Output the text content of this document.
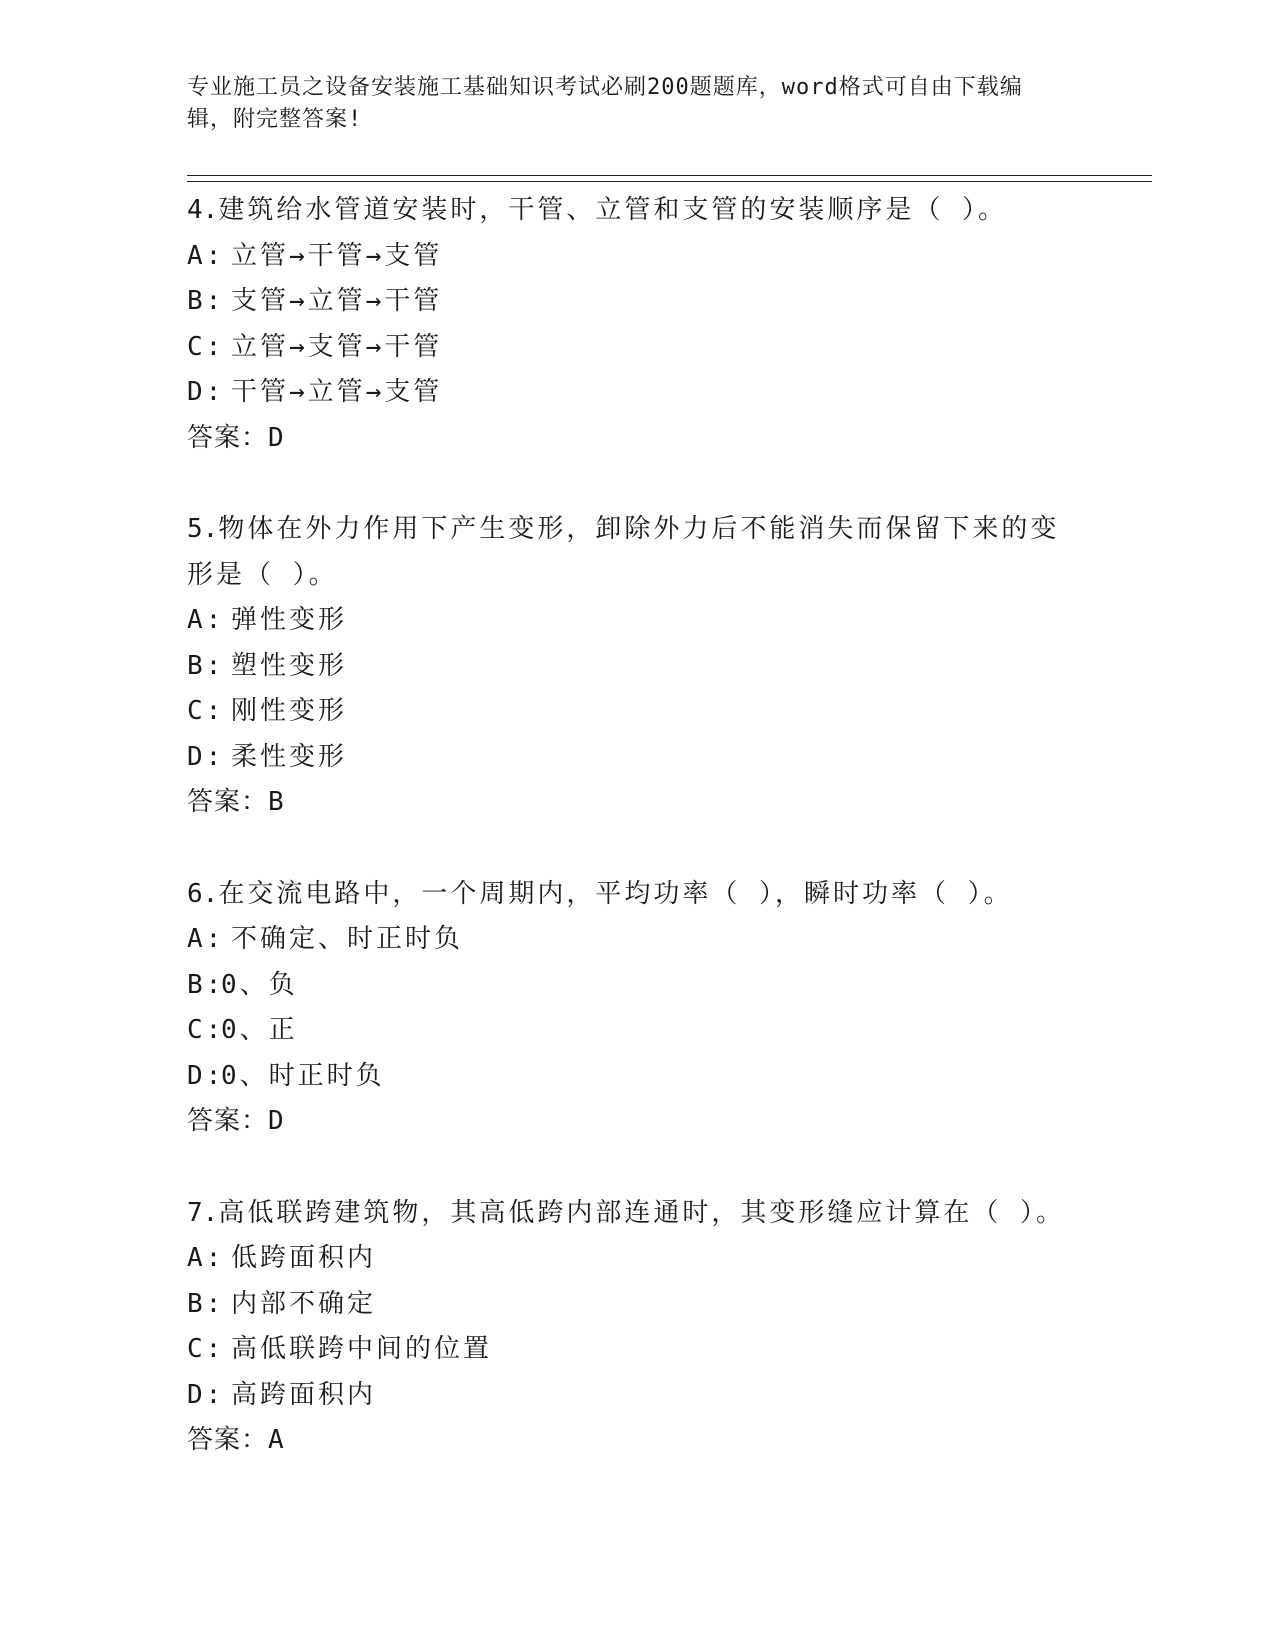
专业施工员之设备安装施工基础知识考试必刷200题题库，word格式可自由下载编辑，附完整答案!
4.建筑给水管道安装时，干管、立管和支管的安装顺序是（ ）。
A: 立管→干管→支管
B: 支管→立管→干管
C: 立管→支管→干管
D: 干管→立管→支管
答案：D
5.物体在外力作用下产生变形，卸除外力后不能消失而保留下来的变形是（ ）。
A: 弹性变形
B: 塑性变形
C: 刚性变形
D: 柔性变形
答案：B
6.在交流电路中，一个周期内，平均功率（ ），瞬时功率（ ）。
A: 不确定、时正时负
B:
0、负
C:
0、正
D:
0、时正时负
答案：D
7.高低联跨建筑物，其高低跨内部连通时，其变形缝应计算在（ ）。
A: 低跨面积内
B: 内部不确定
C: 高低联跨中间的位置
D: 高跨面积内
答案：A
